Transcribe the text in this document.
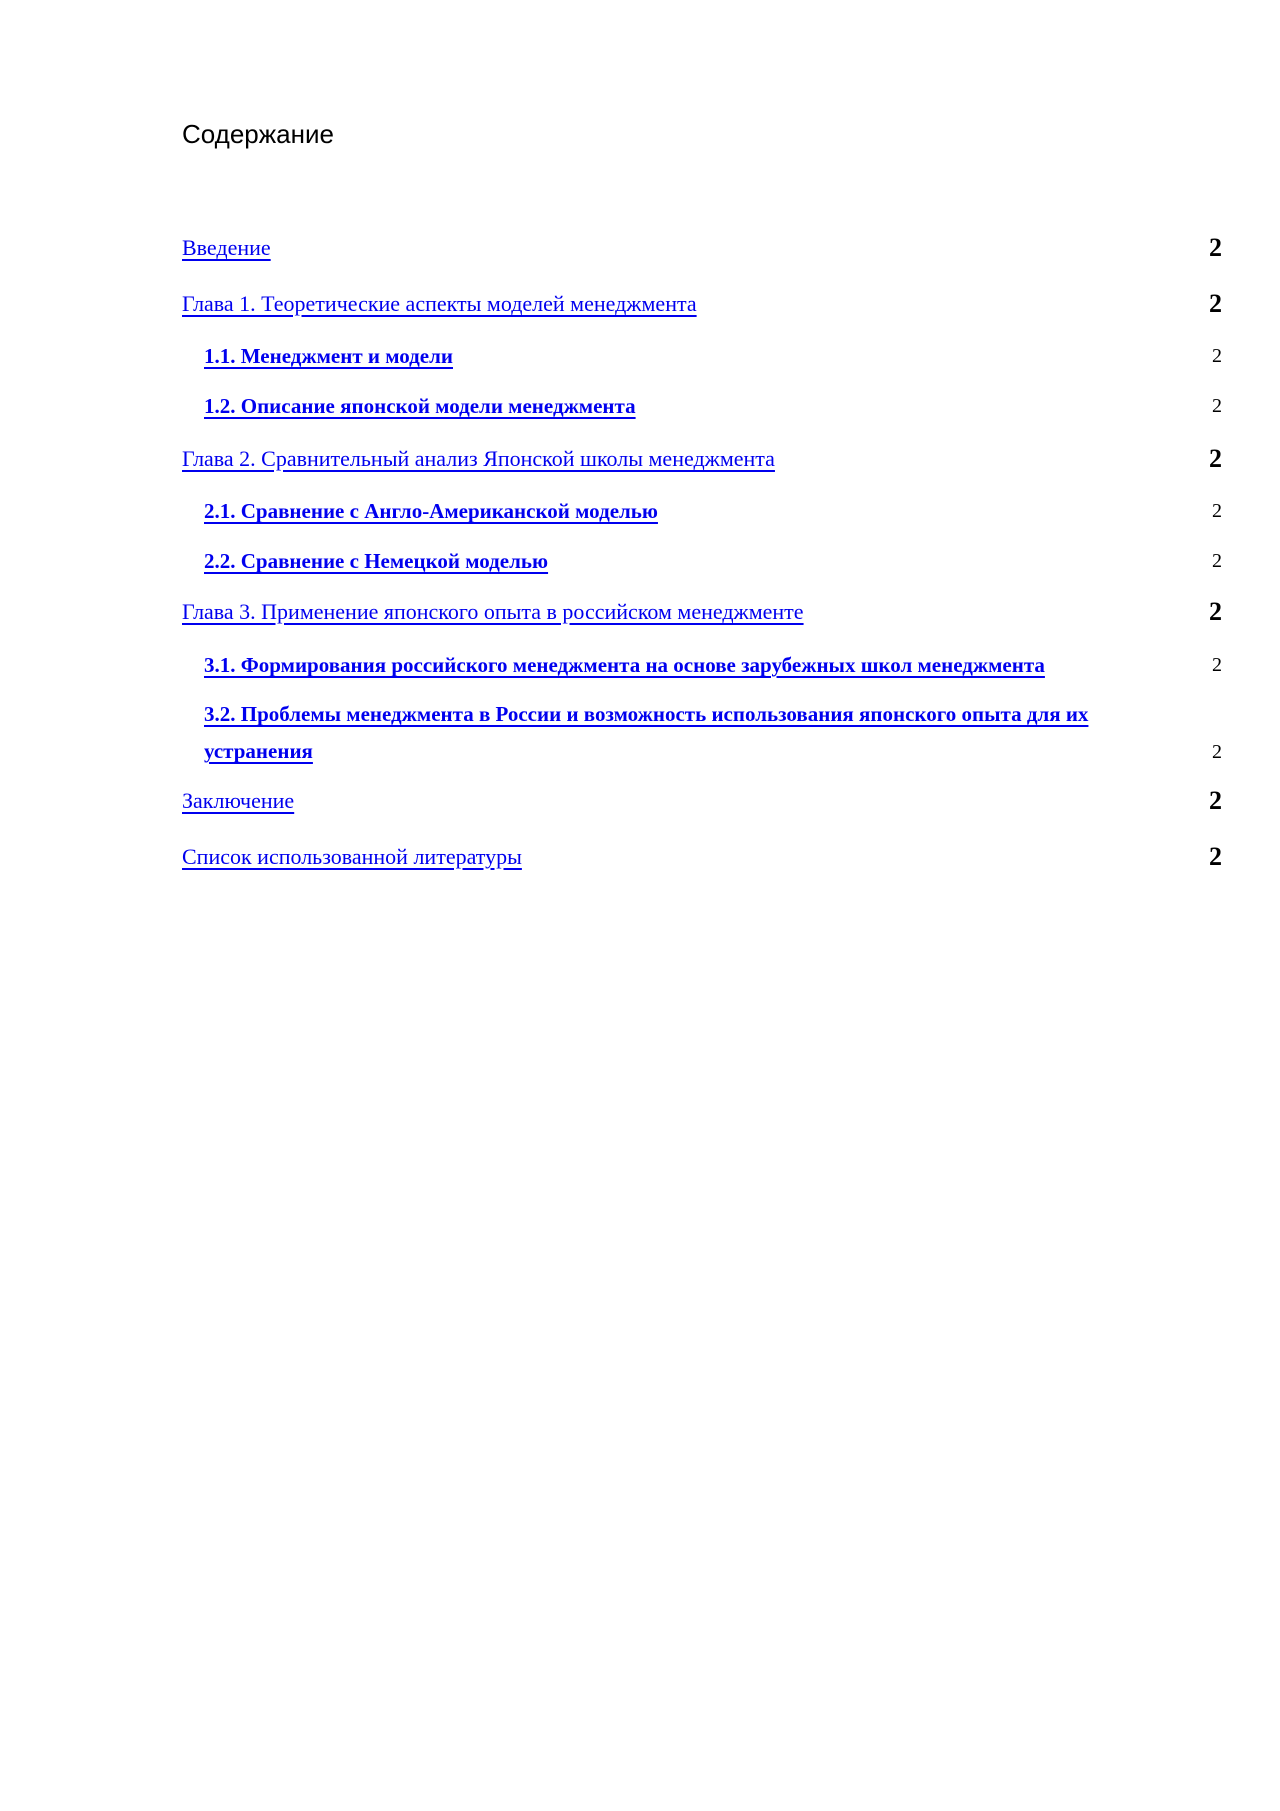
Содержание
Введение	2
Глава 1. Теоретические аспекты моделей менеджмента	2
1.1. Менеджмент и модели	2
1.2. Описание японской модели менеджмента	2
Глава 2. Сравнительный анализ Японской школы менеджмента	2
2.1. Сравнение с Англо-Американской моделью	2
2.2. Сравнение с Немецкой моделью	2
Глава 3. Применение японского опыта в российском менеджменте	2
3.1. Формирования российского менеджмента на основе зарубежных школ менеджмента	2
3.2. Проблемы менеджмента в России и возможность использования японского опыта для их устранения	2
Заключение	2
Список использованной литературы	2
